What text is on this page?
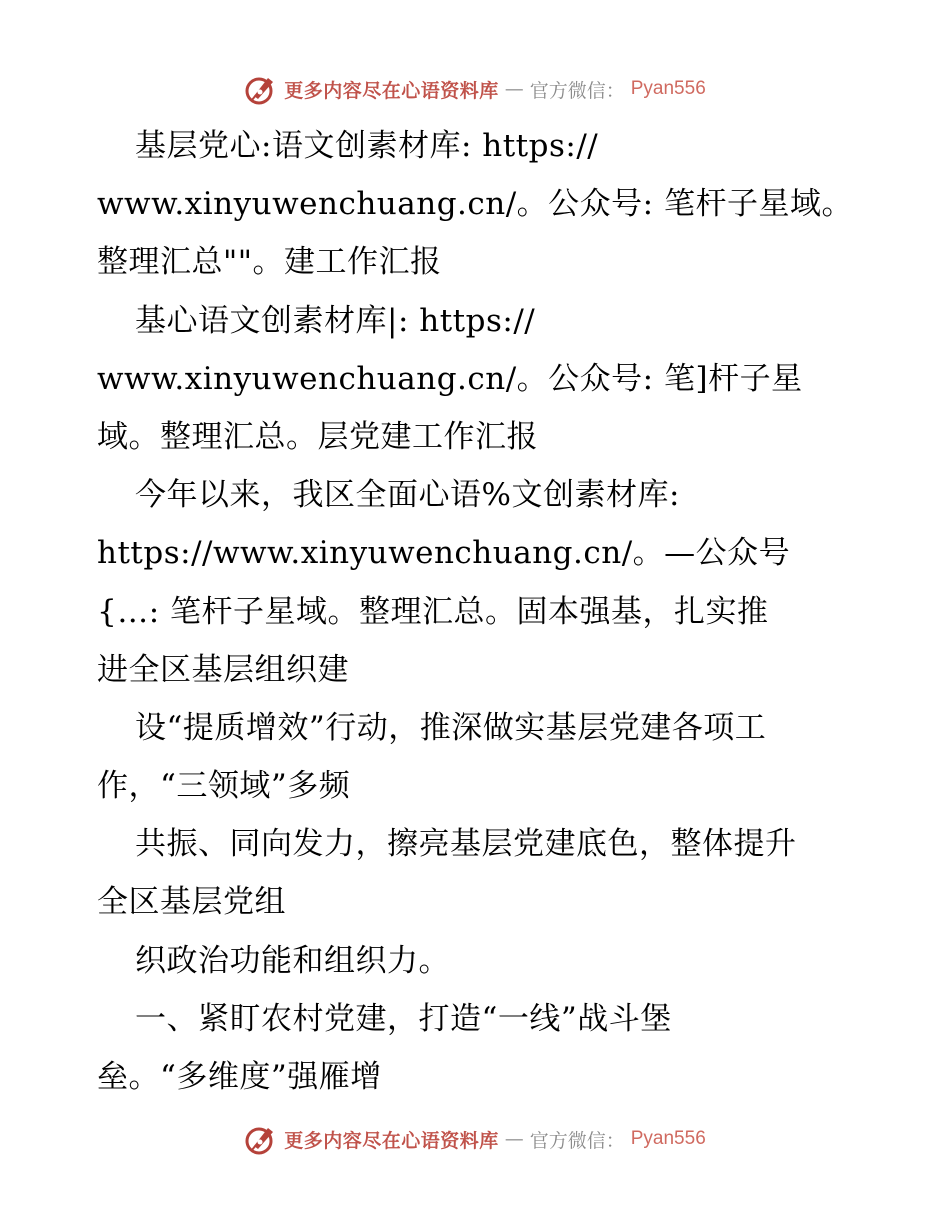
更多内容尽在心语资料库 — 官方微信： Pyan556
基层党心:语文创素材库: https://
www.xinyuwenchuang.cn/。公众号: 笔杆子星域。
整理汇总""。建工作汇报
基心语文创素材库|: https://
www.xinyuwenchuang.cn/。公众号: 笔]杆子星
域。整理汇总。层党建工作汇报
今年以来，我区全面心语%文创素材库:
https://www.xinyuwenchuang.cn/。—公众号
{…: 笔杆子星域。整理汇总。固本强基，扎实推
进全区基层组织建
设“提质增效”行动，推深做实基层党建各项工
作，“三领域”多频
共振、同向发力，擦亮基层党建底色，整体提升
全区基层党组
织政治功能和组织力。
一、紧盯农村党建，打造“一线”战斗堡
垒。“多维度”强雁增
更多内容尽在心语资料库 — 官方微信： Pyan556
